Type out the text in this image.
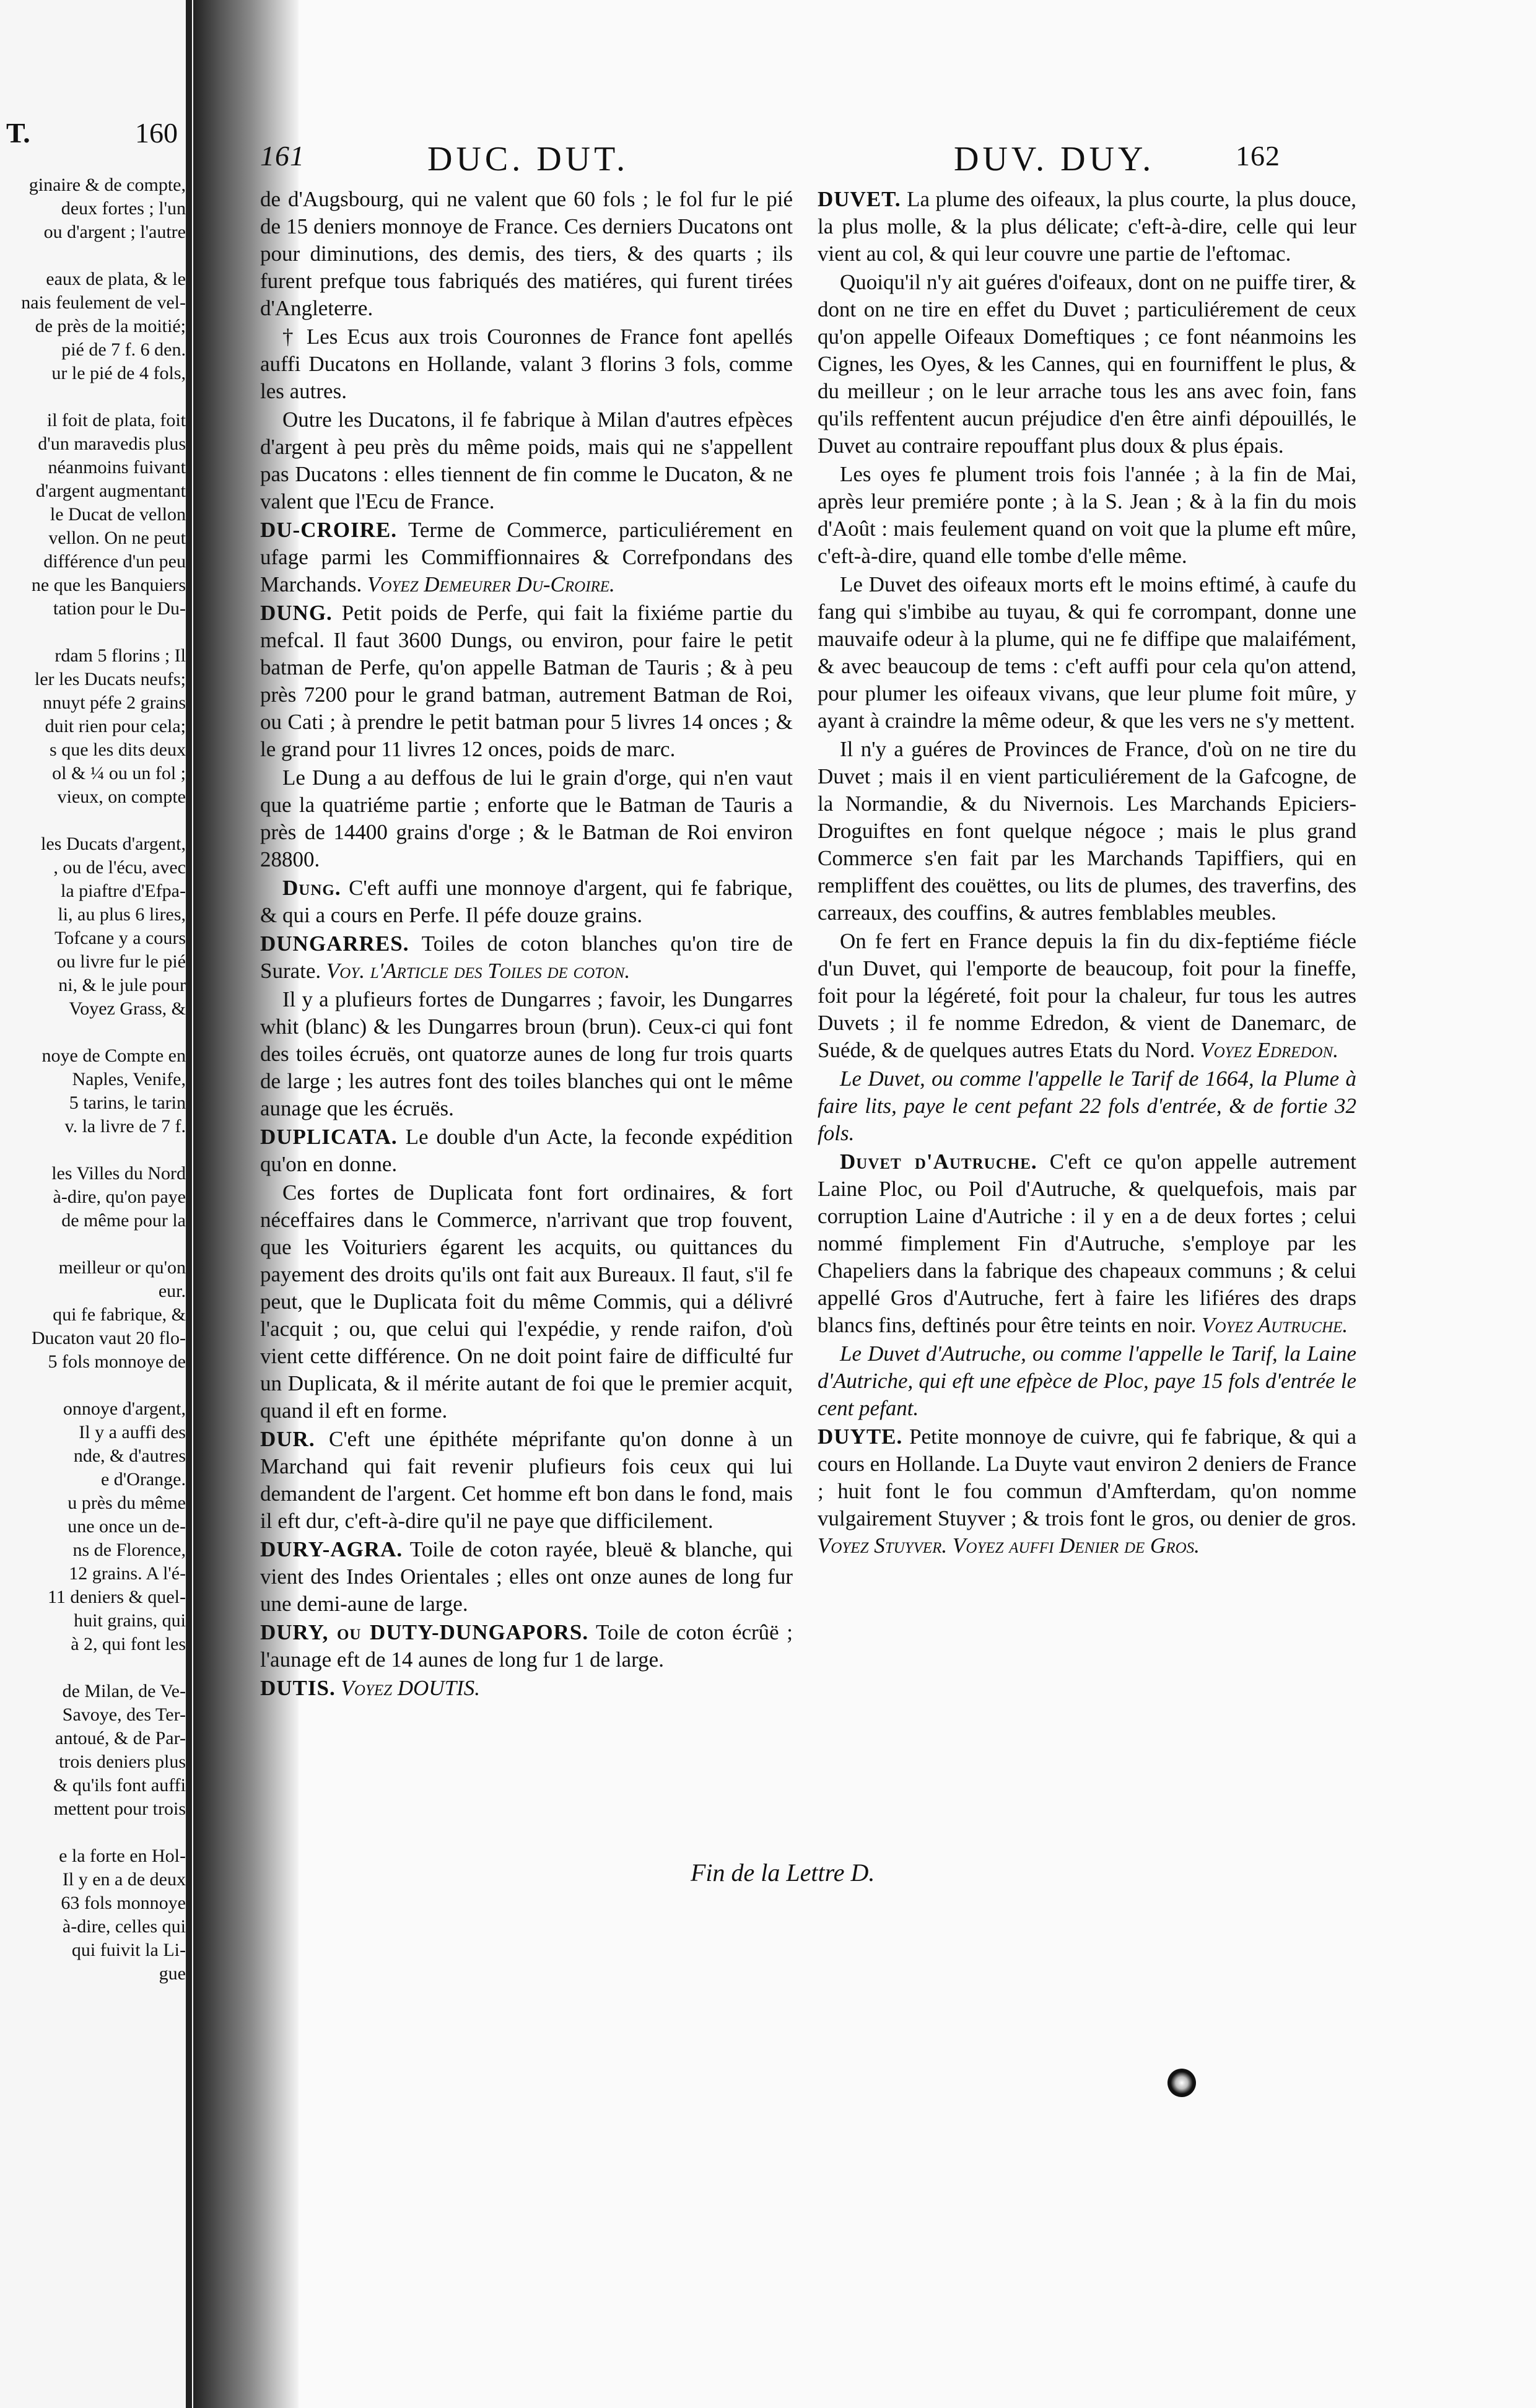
T.	160
ginaire & de compte,
deux fortes ; l'un
ou d'argent ; l'autre

eaux de plata, & le
nais feulement de vel-
de près de la moitié;
pié de 7 f. 6 den.
ur le pié de 4 fols,

il foit de plata, foit
d'un maravedis plus
néanmoins fuivant
d'argent augmentant
le Ducat de vellon
vellon. On ne peut
différence d'un peu
ne que les Banquiers
tation pour le Du-

rdam 5 florins ; Il
ler les Ducats neufs;
nnuyt péfe 2 grains
duit rien pour cela;
s que les dits deux
ol & ¼ ou un fol ;
vieux, on compte

les Ducats d'argent,
, ou de l'écu, avec
la piaftre d'Efpa-
li, au plus 6 lires,
Tofcane y a cours
ou livre fur le pié
ni, & le jule pour
Voyez Grass, &

noye de Compte en
Naples, Venife,
5 tarins, le tarin
v. la livre de 7 f.

les Villes du Nord
à-dire, qu'on paye
de même pour la

meilleur or qu'on
eur.
qui fe fabrique, &
Ducaton vaut 20 flo-
5 fols monnoye de

onnoye d'argent,
Il y a auffi des
nde, & d'autres
e d'Orange.
u près du même
une once un de-
ns de Florence,
12 grains. A l'é-
11 deniers & quel-
huit grains, qui
à 2, qui font les

de Milan, de Ve-
Savoye, des Ter-
antoué, & de Par-
trois deniers plus
& qu'ils font auffi
mettent pour trois

e la forte en Hol-
Il y en a de deux
63 fols monnoye
à-dire, celles qui
qui fuivit la Li-
gue
161	DUC. DUT.	DUV. DUY.	162

de d'Augsbourg, qui ne valent que 60 fols ; le fol fur le pié de 15 deniers monnoye de France. Ces derniers Ducatons ont pour diminutions, des demis, des tiers, & des quarts ; ils furent prefque tous fabriqués des matiéres, qui furent tirées d'Angleterre.

† Les Ecus aux trois Couronnes de France font apellés auffi Ducatons en Hollande, valant 3 florins 3 fols, comme les autres.

Outre les Ducatons, il fe fabrique à Milan d'autres efpèces d'argent à peu près du même poids, mais qui ne s'appellent pas Ducatons : elles tiennent de fin comme le Ducaton, & ne valent que l'Ecu de France.

DU-CROIRE. Terme de Commerce, particuliérement en ufage parmi les Commiffionnaires & Correfpondans des Marchands. Voyez Demeurer Du-Croire.

DUNG. Petit poids de Perfe, qui fait la fixiéme partie du mefcal. Il faut 3600 Dungs, ou environ, pour faire le petit batman de Perfe, qu'on appelle Batman de Tauris ; & à peu près 7200 pour le grand batman, autrement Batman de Roi, ou Cati ; à prendre le petit batman pour 5 livres 14 onces ; & le grand pour 11 livres 12 onces, poids de marc.

Le Dung a au deffous de lui le grain d'orge, qui n'en vaut que la quatriéme partie ; enforte que le Batman de Tauris a près de 14400 grains d'orge ; & le Batman de Roi environ 28800.

Dung. C'eft auffi une monnoye d'argent, qui fe fabrique, & qui a cours en Perfe. Il péfe douze grains.

DUNGARRES. Toiles de coton blanches qu'on tire de Surate. Voy. l'Article des Toiles de coton.

Il y a plufieurs fortes de Dungarres ; favoir, les Dungarres whit (blanc) & les Dungarres broun (brun). Ceux-ci qui font des toiles écruës, ont quatorze aunes de long fur trois quarts de large ; les autres font des toiles blanches qui ont le même aunage que les écruës.

DUPLICATA. Le double d'un Acte, la feconde expédition qu'on en donne.

Ces fortes de Duplicata font fort ordinaires, & fort néceffaires dans le Commerce, n'arrivant que trop fouvent, que les Voituriers égarent les acquits, ou quittances du payement des droits qu'ils ont fait aux Bureaux. Il faut, s'il fe peut, que le Duplicata foit du même Commis, qui a délivré l'acquit ; ou, que celui qui l'expédie, y rende raifon, d'où vient cette différence. On ne doit point faire de difficulté fur un Duplicata, & il mérite autant de foi que le premier acquit, quand il eft en forme.

DUR. C'eft une épithéte méprifante qu'on donne à un Marchand qui fait revenir plufieurs fois ceux qui lui demandent de l'argent. Cet homme eft bon dans le fond, mais il eft dur, c'eft-à-dire qu'il ne paye que difficilement.

DURY-AGRA. Toile de coton rayée, bleuë & blanche, qui vient des Indes Orientales ; elles ont onze aunes de long fur une demi-aune de large.

DURY, ou DUTY-DUNGAPORS. Toile de coton écrûë ; l'aunage eft de 14 aunes de long fur 1 de large.

DUTIS. Voyez DOUTIS.

DUVET. La plume des oifeaux, la plus courte, la plus douce, la plus molle, & la plus délicate; c'eft-à-dire, celle qui leur vient au col, & qui leur couvre une partie de l'eftomac.

Quoiqu'il n'y ait guéres d'oifeaux, dont on ne puiffe tirer, & dont on ne tire en effet du Duvet ; particuliérement de ceux qu'on appelle Oifeaux Domeftiques ; ce font néanmoins les Cignes, les Oyes, & les Cannes, qui en fourniffent le plus, & du meilleur ; on le leur arrache tous les ans avec foin, fans qu'ils reffentent aucun préjudice d'en être ainfi dépouillés, le Duvet au contraire repouffant plus doux & plus épais.

Les oyes fe plument trois fois l'année ; à la fin de Mai, après leur premiére ponte ; à la S. Jean ; & à la fin du mois d'Août : mais feulement quand on voit que la plume eft mûre, c'eft-à-dire, quand elle tombe d'elle même.

Le Duvet des oifeaux morts eft le moins eftimé, à caufe du fang qui s'imbibe au tuyau, & qui fe corrompant, donne une mauvaife odeur à la plume, qui ne fe diffipe que malaifément, & avec beaucoup de tems : c'eft auffi pour cela qu'on attend, pour plumer les oifeaux vivans, que leur plume foit mûre, y ayant à craindre la même odeur, & que les vers ne s'y mettent.

Il n'y a guéres de Provinces de France, d'où on ne tire du Duvet ; mais il en vient particuliérement de la Gafcogne, de la Normandie, & du Nivernois. Les Marchands Epiciers-Droguiftes en font quelque négoce ; mais le plus grand Commerce s'en fait par les Marchands Tapiffiers, qui en rempliffent des couëttes, ou lits de plumes, des traverfins, des carreaux, des couffins, & autres femblables meubles.

On fe fert en France depuis la fin du dix-feptiéme fiécle d'un Duvet, qui l'emporte de beaucoup, foit pour la fineffe, foit pour la légéreté, foit pour la chaleur, fur tous les autres Duvets ; il fe nomme Edredon, & vient de Danemarc, de Suéde, & de quelques autres Etats du Nord. Voyez Edredon.

Le Duvet, ou comme l'appelle le Tarif de 1664, la Plume à faire lits, paye le cent pefant 22 fols d'entrée, & de fortie 32 fols.

Duvet d'Autruche. C'eft ce qu'on appelle autrement Laine Ploc, ou Poil d'Autruche, & quelquefois, mais par corruption Laine d'Autriche : il y en a de deux fortes ; celui nommé fimplement Fin d'Autruche, s'employe par les Chapeliers dans la fabrique des chapeaux communs ; & celui appellé Gros d'Autruche, fert à faire les lifiéres des draps blancs fins, deftinés pour être teints en noir. Voyez Autruche.

Le Duvet d'Autruche, ou comme l'appelle le Tarif, la Laine d'Autriche, qui eft une efpèce de Ploc, paye 15 fols d'entrée le cent pefant.

DUYTE. Petite monnoye de cuivre, qui fe fabrique, & qui a cours en Hollande. La Duyte vaut environ 2 deniers de France ; huit font le fou commun d'Amfterdam, qu'on nomme vulgairement Stuyver ; & trois font le gros, ou denier de gros. Voyez Stuyver. Voyez auffi Denier de Gros.

Fin de la Lettre D.
